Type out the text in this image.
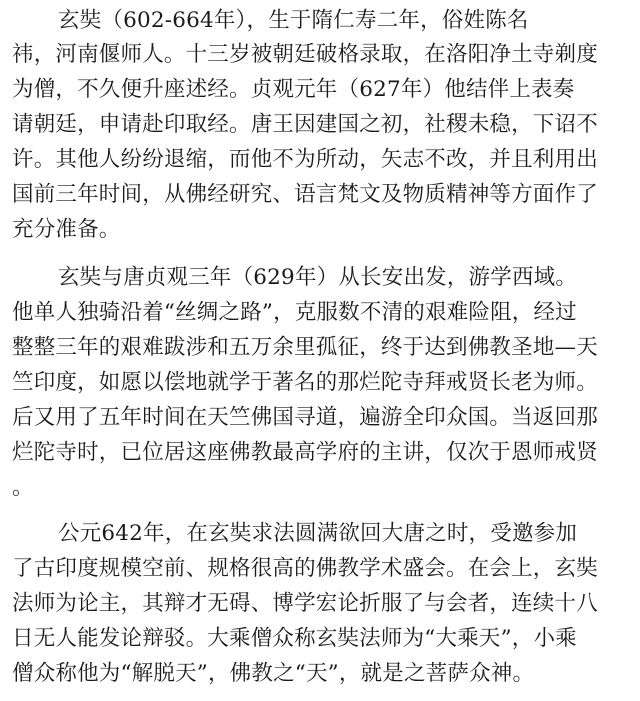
玄奘（602-664年），生于隋仁寿二年，俗姓陈名
祎，河南偃师人。十三岁被朝廷破格录取，在洛阳净土寺剃度
为僧，不久便升座述经。贞观元年（627年）他结伴上表奏
请朝廷，申请赴印取经。唐王因建国之初，社稷未稳，下诏不
许。其他人纷纷退缩，而他不为所动，矢志不改，并且利用出
国前三年时间，从佛经研究、语言梵文及物质精神等方面作了
充分准备。
玄奘与唐贞观三年（629年）从长安出发，游学西域。
他单人独骑沿着“丝绸之路”，克服数不清的艰难险阻，经过
整整三年的艰难跋涉和五万余里孤征，终于达到佛教圣地—天
竺印度，如愿以偿地就学于著名的那烂陀寺拜戒贤长老为师。
后又用了五年时间在天竺佛国寻道，遍游全印众国。当返回那
烂陀寺时，已位居这座佛教最高学府的主讲，仅次于恩师戒贤
。
公元642年，在玄奘求法圆满欲回大唐之时，受邀参加
了古印度规模空前、规格很高的佛教学术盛会。在会上，玄奘
法师为论主，其辩才无碍、博学宏论折服了与会者，连续十八
日无人能发论辩驳。大乘僧众称玄奘法师为“大乘天”，小乘
僧众称他为“解脱天”，佛教之“天”，就是之菩萨众神。
